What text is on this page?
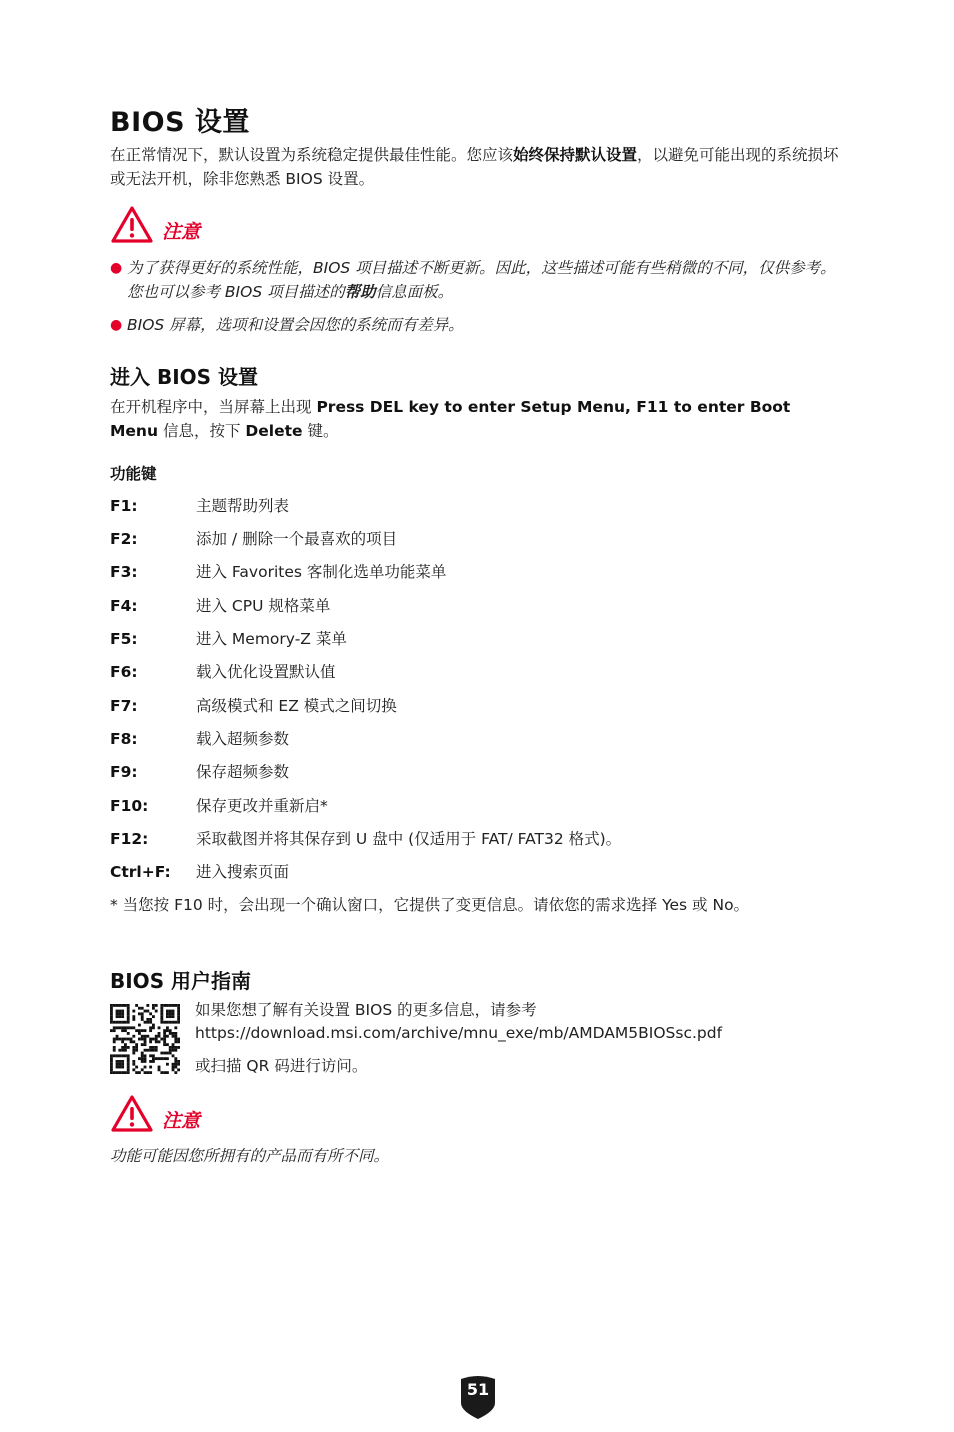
BIOS 设置
在正常情况下，默认设置为系统稳定提供最佳性能。您应该始终保持默认设置，以避免可能出现的系统损坏或无法开机，除非您熟悉 BIOS 设置。
注意
● 为了获得更好的系统性能，BIOS 项目描述不断更新。因此，这些描述可能有些稍微的不同，仅供参考。您也可以参考 BIOS 项目描述的帮助信息面板。
● BIOS 屏幕，选项和设置会因您的系统而有差异。
进入 BIOS 设置
在开机程序中，当屏幕上出现 Press DEL key to enter Setup Menu, F11 to enter Boot Menu 信息，按下 Delete 键。
功能键
F1:	主题帮助列表
F2:	添加 / 删除一个最喜欢的项目
F3:	进入 Favorites 客制化选单功能菜单
F4:	进入 CPU 规格菜单
F5:	进入 Memory-Z 菜单
F6:	载入优化设置默认值
F7:	高级模式和 EZ 模式之间切换
F8:	载入超频参数
F9:	保存超频参数
F10:	保存更改并重新启*
F12:	采取截图并将其保存到 U 盘中 (仅适用于 FAT/ FAT32 格式)。
Ctrl+F:	进入搜索页面
* 当您按 F10 时，会出现一个确认窗口，它提供了变更信息。请依您的需求选择 Yes 或 No。
BIOS 用户指南
如果您想了解有关设置 BIOS 的更多信息，请参考
https://download.msi.com/archive/mnu_exe/mb/AMDAM5BIOSsc.pdf
或扫描 QR 码进行访问。
注意
功能可能因您所拥有的产品而有所不同。
51
